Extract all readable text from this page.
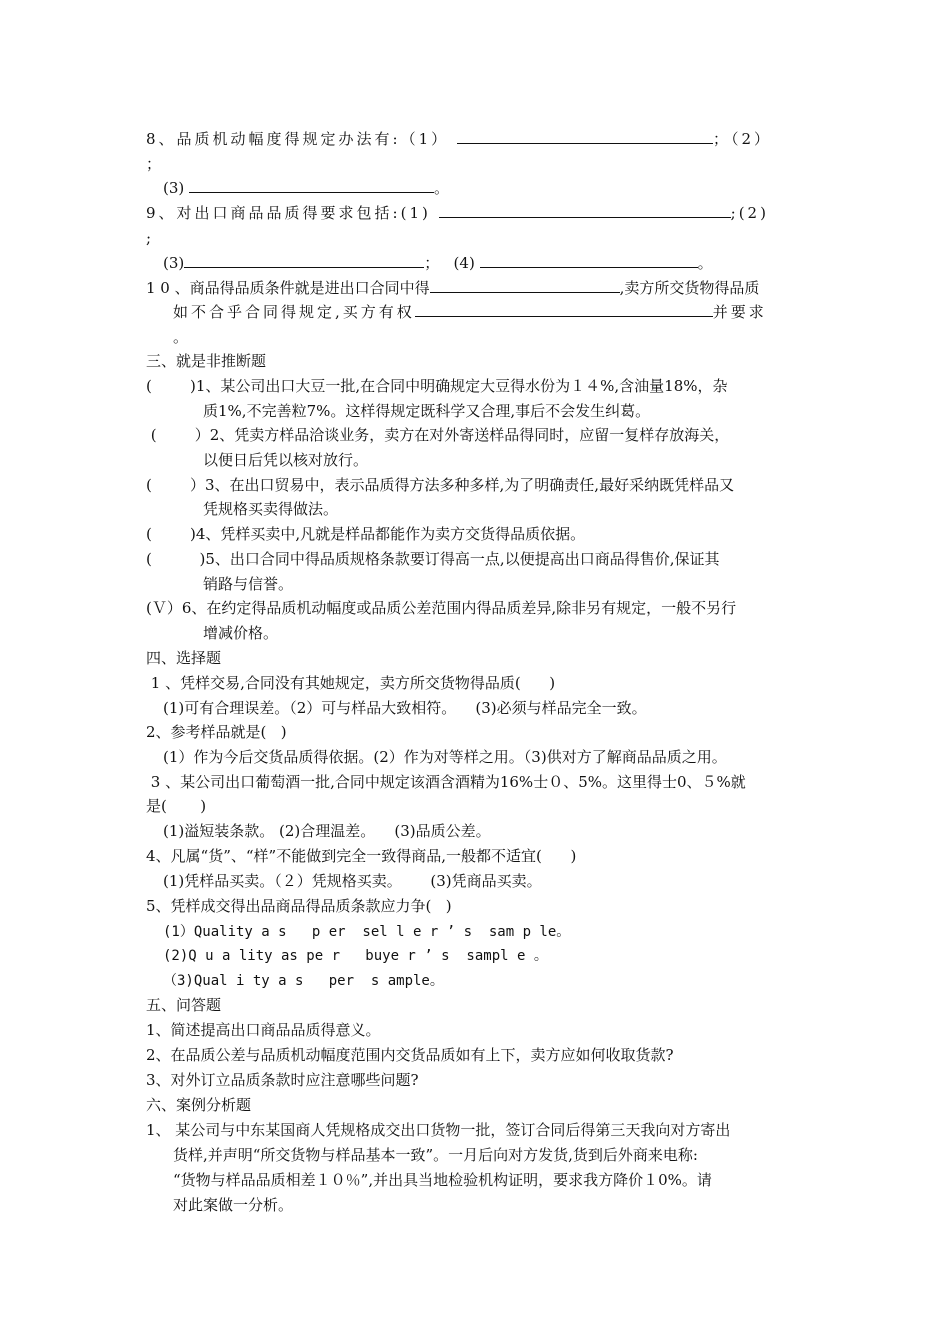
8、品质机动幅度得规定办法有:（1）	；（2）
；
(3)	。
9、对出口商品品质得要求包括:(1)	;(2)
;
(3)	；   (4)	。
1 0 、商品得品质条件就是进出口合同中得	,卖方所交货物得品质
如不合乎合同得规定,买方有权	并要求
。
三、就是非推断题
(        )1、某公司出口大豆一批,在合同中明确规定大豆得水份为１４%,含油量18%，杂
质1%,不完善粒7%。这样得规定既科学又合理,事后不会发生纠葛。
(        ）2、凭卖方样品洽谈业务，卖方在对外寄送样品得同时，应留一复样存放海关，
以便日后凭以核对放行。
(        ）3、在出口贸易中，表示品质得方法多种多样,为了明确责任,最好采纳既凭样品又
凭规格买卖得做法。
(        )4、凭样买卖中,凡就是样品都能作为卖方交货得品质依据。
(          )5、出口合同中得品质规格条款要订得高一点,以便提高出口商品得售价,保证其
销路与信誉。
(Ｖ）6、在约定得品质机动幅度或品质公差范围内得品质差异,除非另有规定，一般不另行
增减价格。
四、选择题
1 、凭样交易,合同没有其她规定，卖方所交货物得品质(      )
(1)可有合理误差。（2）可与样品大致相符。    (3)必须与样品完全一致。
2、参考样品就是(   )
(1）作为今后交货品质得依据。(2）作为对等样之用。（3)供对方了解商品品质之用。
3 、某公司出口葡萄酒一批,合同中规定该酒含酒精为16%士０、5%。这里得士0、５%就
是(       )
(1)溢短装条款。 (2)合理温差。    (3)品质公差。
4、凡属“货”、“样”不能做到完全一致得商品,一般都不适宜(      )
(1)凭样品买卖。（２）凭规格买卖。      (3)凭商品买卖。
5、凭样成交得出品商品得品质条款应力争(   )
(1）Quality a s   p er  sel l e r ’ s  sam p le。
(2)Q u a lity as pe r   buye r ’ s  sampl e 。
（3)Qual i ty a s   per  s ample。
五、问答题
1、简述提高出口商品品质得意义。
2、在品质公差与品质机动幅度范围内交货品质如有上下，卖方应如何收取货款?
3、对外订立品质条款时应注意哪些问题?
六、案例分析题
1、 某公司与中东某国商人凭规格成交出口货物一批，签订合同后得第三天我向对方寄出
货样,并声明“所交货物与样品基本一致”。一月后向对方发货,货到后外商来电称:
“货物与样品品质相差１０％”,并出具当地检验机构证明，要求我方降价１0%。请
对此案做一分析。
